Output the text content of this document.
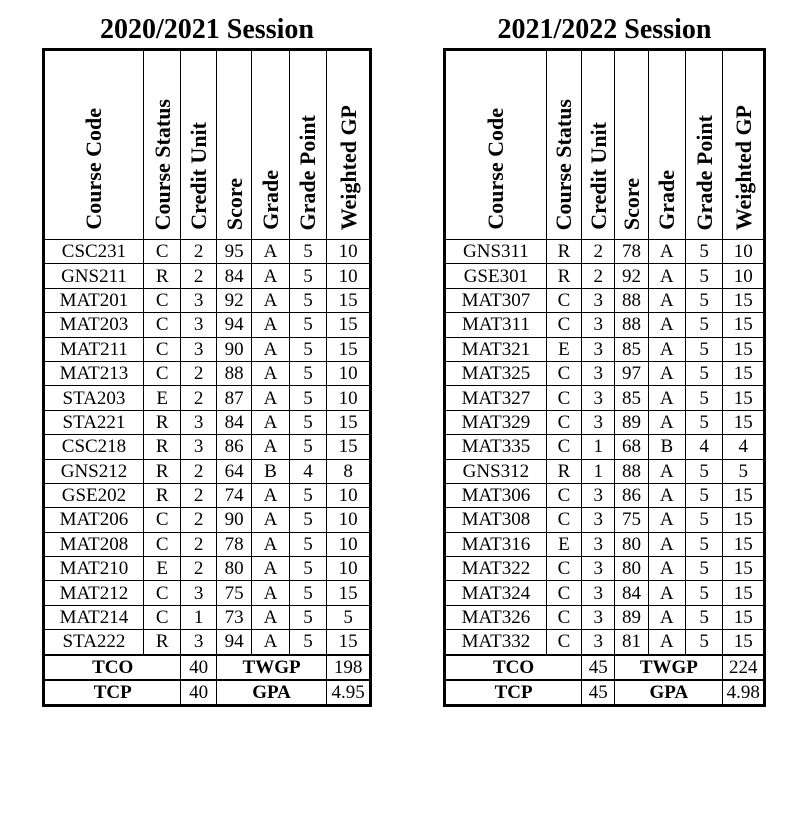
2020/2021 Session
Course Code	Course Status	Credit Unit	Score	Grade	Grade Point	Weighted GP
CSC231	C	2	95	A	5	10
GNS211	R	2	84	A	5	10
MAT201	C	3	92	A	5	15
MAT203	C	3	94	A	5	15
MAT211	C	3	90	A	5	15
MAT213	C	2	88	A	5	10
STA203	E	2	87	A	5	10
STA221	R	3	84	A	5	15
CSC218	R	3	86	A	5	15
GNS212	R	2	64	B	4	8
GSE202	R	2	74	A	5	10
MAT206	C	2	90	A	5	10
MAT208	C	2	78	A	5	10
MAT210	E	2	80	A	5	10
MAT212	C	3	75	A	5	15
MAT214	C	1	73	A	5	5
STA222	R	3	94	A	5	15
TCO		40	TWGP			198
TCP		40	GPA			4.95
2021/2022 Session
Course Code	Course Status	Credit Unit	Score	Grade	Grade Point	Weighted GP
GNS311	R	2	78	A	5	10
GSE301	R	2	92	A	5	10
MAT307	C	3	88	A	5	15
MAT311	C	3	88	A	5	15
MAT321	E	3	85	A	5	15
MAT325	C	3	97	A	5	15
MAT327	C	3	85	A	5	15
MAT329	C	3	89	A	5	15
MAT335	C	1	68	B	4	4
GNS312	R	1	88	A	5	5
MAT306	C	3	86	A	5	15
MAT308	C	3	75	A	5	15
MAT316	E	3	80	A	5	15
MAT322	C	3	80	A	5	15
MAT324	C	3	84	A	5	15
MAT326	C	3	89	A	5	15
MAT332	C	3	81	A	5	15
TCO		45	TWGP			224
TCP		45	GPA			4.98
